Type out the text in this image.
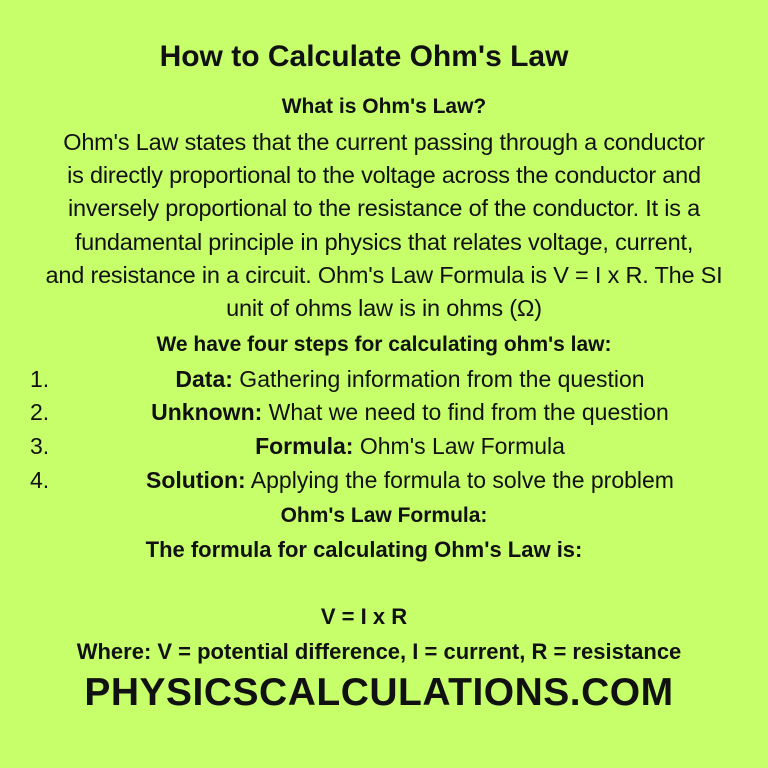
How to Calculate Ohm's Law
What is Ohm's Law?
Ohm's Law states that the current passing through a conductor
is directly proportional to the voltage across the conductor and
inversely proportional to the resistance of the conductor. It is a
fundamental principle in physics that relates voltage, current,
and resistance in a circuit. Ohm's Law Formula is V = I x R. The SI
unit of ohms law is in ohms (Ω)
We have four steps for calculating ohm's law:
1.	Data: Gathering information from the question
2.	Unknown: What we need to find from the question
3.	Formula: Ohm's Law Formula
4.	Solution: Applying the formula to solve the problem
Ohm's Law Formula:
The formula for calculating Ohm's Law is:
V = I x R
Where: V = potential difference, I = current, R = resistance
PHYSICSCALCULATIONS.COM
